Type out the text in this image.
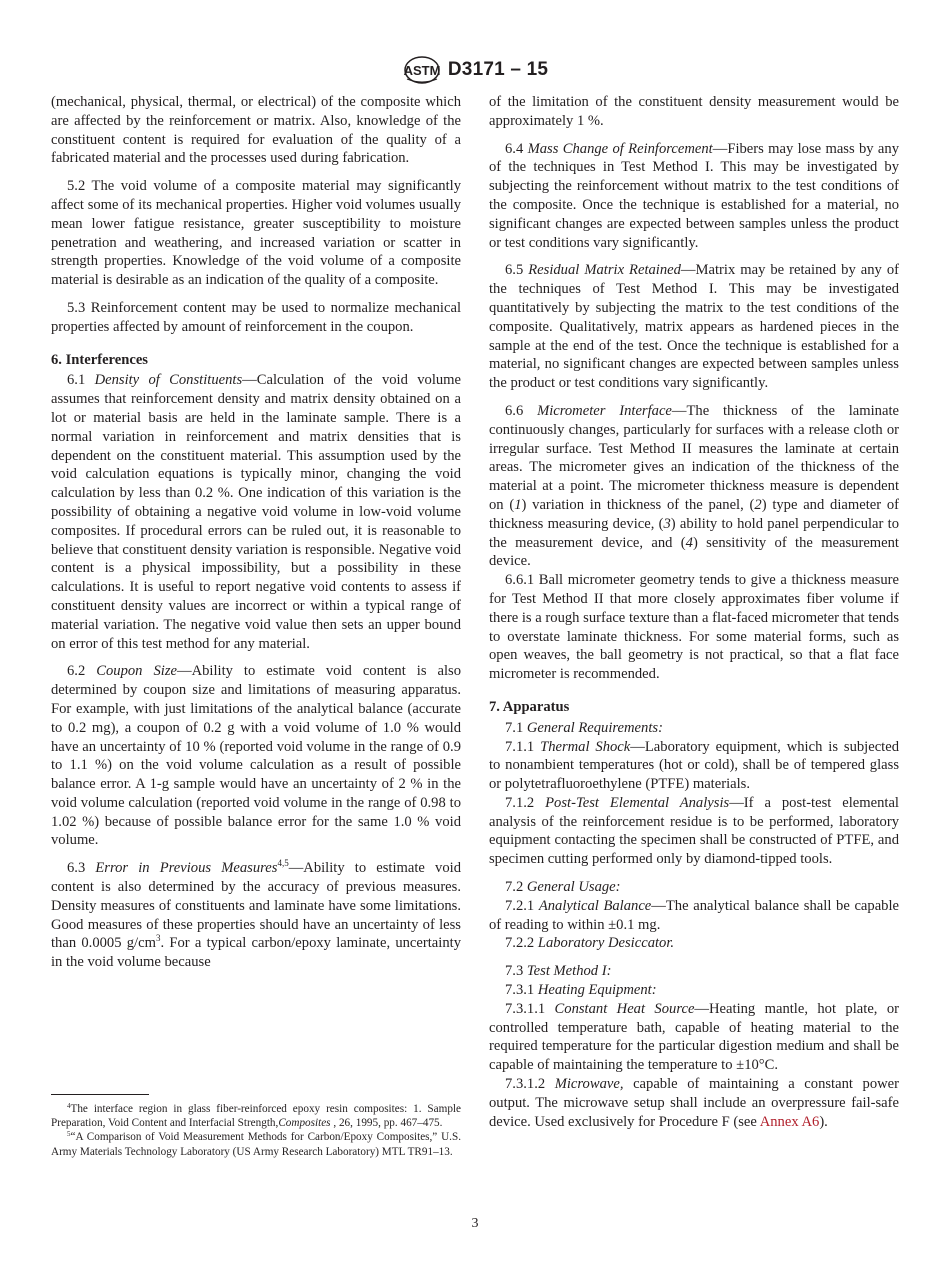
ASTM D3171 – 15

(mechanical, physical, thermal, or electrical) of the composite which are affected by the reinforcement or matrix. Also, knowledge of the constituent content is required for evaluation of the quality of a fabricated material and the processes used during fabrication.

5.2 The void volume of a composite material may significantly affect some of its mechanical properties. Higher void volumes usually mean lower fatigue resistance, greater susceptibility to moisture penetration and weathering, and increased variation or scatter in strength properties. Knowledge of the void volume of a composite material is desirable as an indication of the quality of a composite.

5.3 Reinforcement content may be used to normalize mechanical properties affected by amount of reinforcement in the coupon.

6. Interferences

6.1 Density of Constituents—Calculation of the void volume assumes that reinforcement density and matrix density obtained on a lot or material basis are held in the laminate sample. There is a normal variation in reinforcement and matrix densities that is dependent on the constituent material. This assumption used by the void calculation equations is typically minor, changing the void calculation by less than 0.2 %. One indication of this variation is the possibility of obtaining a negative void volume in low-void volume composites. If procedural errors can be ruled out, it is reasonable to believe that constituent density variation is responsible. Negative void content is a physical impossibility, but a possibility in these calculations. It is useful to report negative void contents to assess if constituent density values are incorrect or within a typical range of material variation. The negative void value then sets an upper bound on error of this test method for any material.

6.2 Coupon Size—Ability to estimate void content is also determined by coupon size and limitations of measuring apparatus. For example, with just limitations of the analytical balance (accurate to 0.2 mg), a coupon of 0.2 g with a void volume of 1.0 % would have an uncertainty of 10 % (reported void volume in the range of 0.9 to 1.1 %) on the void volume calculation as a result of possible balance error. A 1-g sample would have an uncertainty of 2 % in the void volume calculation (reported void volume in the range of 0.98 to 1.02 %) because of possible balance error for the same 1.0 % void volume.

6.3 Error in Previous Measures$^{4,5}$—Ability to estimate void content is also determined by the accuracy of previous measures. Density measures of constituents and laminate have some limitations. Good measures of these properties should have an uncertainty of less than 0.0005 $g/cm^3$. For a typical carbon/epoxy laminate, uncertainty in the void volume because

$^4$The interface region in glass fiber-reinforced epoxy resin composites: 1. Sample Preparation, Void Content and Interfacial Strength,Composites , 26, 1995, pp. 467–475.

$^5$“A Comparison of Void Measurement Methods for Carbon/Epoxy Composites,” U.S. Army Materials Technology Laboratory (US Army Research Laboratory) MTL TR91–13.

of the limitation of the constituent density measurement would be approximately 1 %.

6.4 Mass Change of Reinforcement—Fibers may lose mass by any of the techniques in Test Method I. This may be investigated by subjecting the reinforcement without matrix to the test conditions of the composite. Once the technique is established for a material, no significant changes are expected between samples unless the product or test conditions vary significantly.

6.5 Residual Matrix Retained—Matrix may be retained by any of the techniques of Test Method I. This may be investigated quantitatively by subjecting the matrix to the test conditions of the composite. Qualitatively, matrix appears as hardened pieces in the sample at the end of the test. Once the technique is established for a material, no significant changes are expected between samples unless the product or test conditions vary significantly.

6.6 Micrometer Interface—The thickness of the laminate continuously changes, particularly for surfaces with a release cloth or irregular surface. Test Method II measures the laminate at certain areas. The micrometer gives an indication of the thickness of the material at a point. The micrometer thickness measure is dependent on (1) variation in thickness of the panel, (2) type and diameter of thickness measuring device, (3) ability to hold panel perpendicular to the measurement device, and (4) sensitivity of the measurement device.

6.6.1 Ball micrometer geometry tends to give a thickness measure for Test Method II that more closely approximates fiber volume if there is a rough surface texture than a flat-faced micrometer that tends to overstate laminate thickness. For some material forms, such as open weaves, the ball geometry is not practical, so that a flat face micrometer is recommended.

7. Apparatus

7.1 General Requirements:

7.1.1 Thermal Shock—Laboratory equipment, which is subjected to nonambient temperatures (hot or cold), shall be of tempered glass or polytetrafluoroethylene (PTFE) materials.

7.1.2 Post-Test Elemental Analysis—If a post-test elemental analysis of the reinforcement residue is to be performed, laboratory equipment contacting the specimen shall be constructed of PTFE, and specimen cutting performed only by diamond-tipped tools.

7.2 General Usage:

7.2.1 Analytical Balance—The analytical balance shall be capable of reading to within ±0.1 mg.

7.2.2 Laboratory Desiccator.

7.3 Test Method I:

7.3.1 Heating Equipment:

7.3.1.1 Constant Heat Source—Heating mantle, hot plate, or controlled temperature bath, capable of heating material to the required temperature for the particular digestion medium and shall be capable of maintaining the temperature to ±10°C.

7.3.1.2 Microwave, capable of maintaining a constant power output. The microwave setup shall include an overpressure fail-safe device. Used exclusively for Procedure F (see Annex A6).

3
